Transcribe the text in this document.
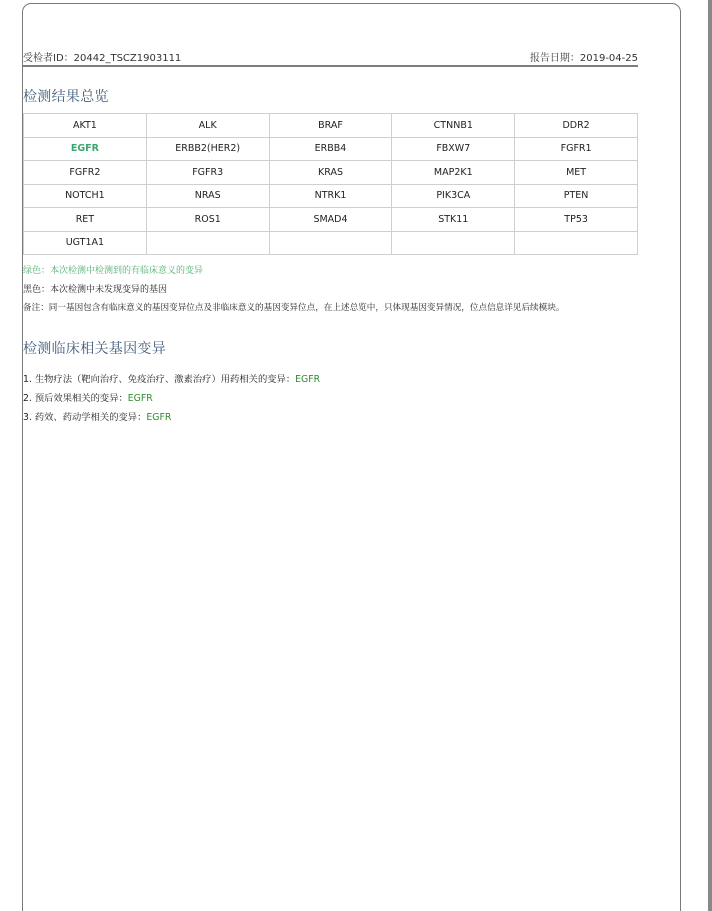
受检者ID：20442_TSCZ1903111	报告日期：2019-04-25
检测结果总览
AKT1	ALK	BRAF	CTNNB1	DDR2
EGFR	ERBB2(HER2)	ERBB4	FBXW7	FGFR1
FGFR2	FGFR3	KRAS	MAP2K1	MET
NOTCH1	NRAS	NTRK1	PIK3CA	PTEN
RET	ROS1	SMAD4	STK11	TP53
UGT1A1				
绿色：本次检测中检测到的有临床意义的变异
黑色：本次检测中未发现变异的基因
备注：同一基因包含有临床意义的基因变异位点及非临床意义的基因变异位点，在上述总览中，只体现基因变异情况，位点信息详见后续模块。
检测临床相关基因变异
1. 生物疗法（靶向治疗、免疫治疗、激素治疗）用药相关的变异：EGFR
2. 预后效果相关的变异：EGFR
3. 药效、药动学相关的变异：EGFR
